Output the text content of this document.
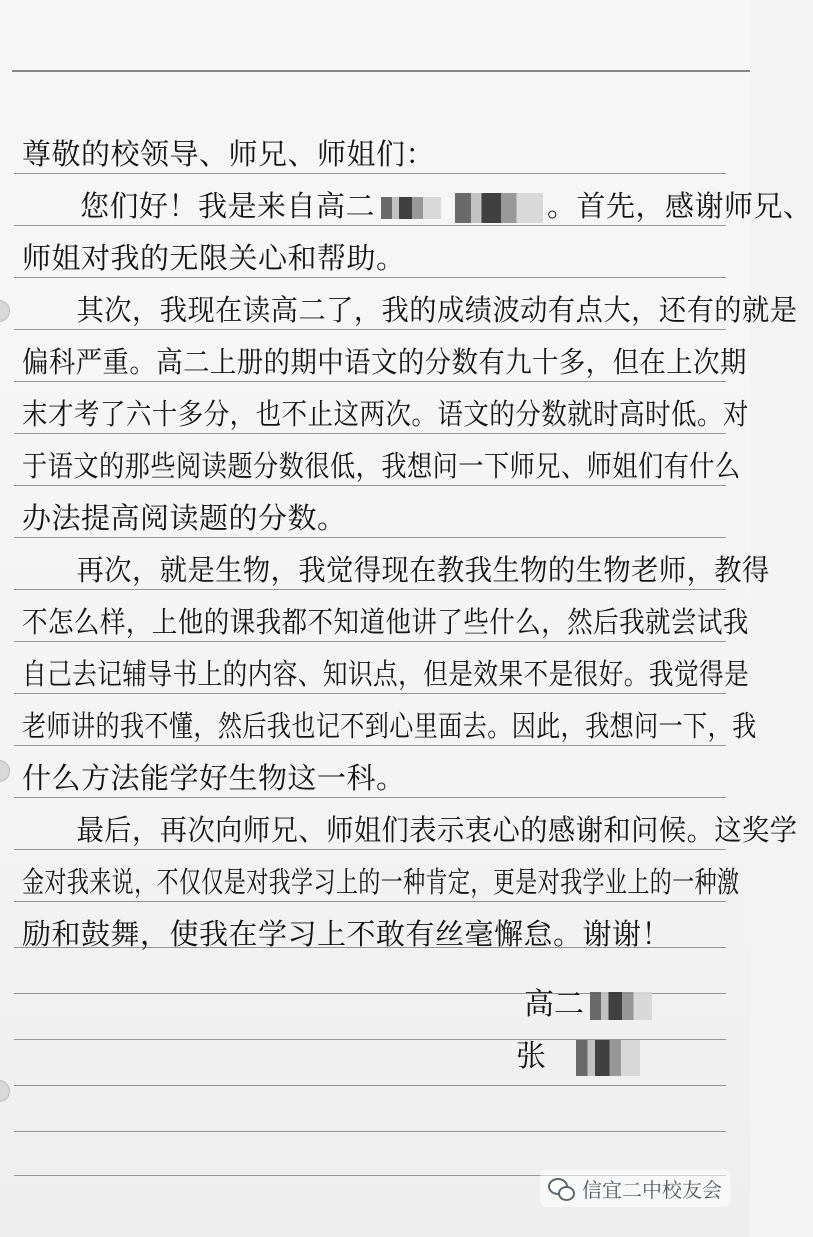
尊敬的校领导、师兄、师姐们：
您们好！我是来自高二	。首先，感谢师兄、
师姐对我的无限关心和帮助。
其次，我现在读高二了，我的成绩波动有点大，还有的就是
偏科严重。高二上册的期中语文的分数有九十多，但在上次期
末才考了六十多分，也不止这两次。语文的分数就时高时低。对
于语文的那些阅读题分数很低，我想问一下师兄、师姐们有什么
办法提高阅读题的分数。
再次，就是生物，我觉得现在教我生物的生物老师，教得
不怎么样，上他的课我都不知道他讲了些什么，然后我就尝试我
自己去记辅导书上的内容、知识点，但是效果不是很好。我觉得是
老师讲的我不懂，然后我也记不到心里面去。因此，我想问一下，我
什么方法能学好生物这一科。
最后，再次向师兄、师姐们表示衷心的感谢和问候。这奖学
金对我来说，不仅仅是对我学习上的一种肯定，更是对我学业上的一种激
励和鼓舞，使我在学习上不敢有丝毫懈怠。谢谢！
高二
张
信宜二中校友会
